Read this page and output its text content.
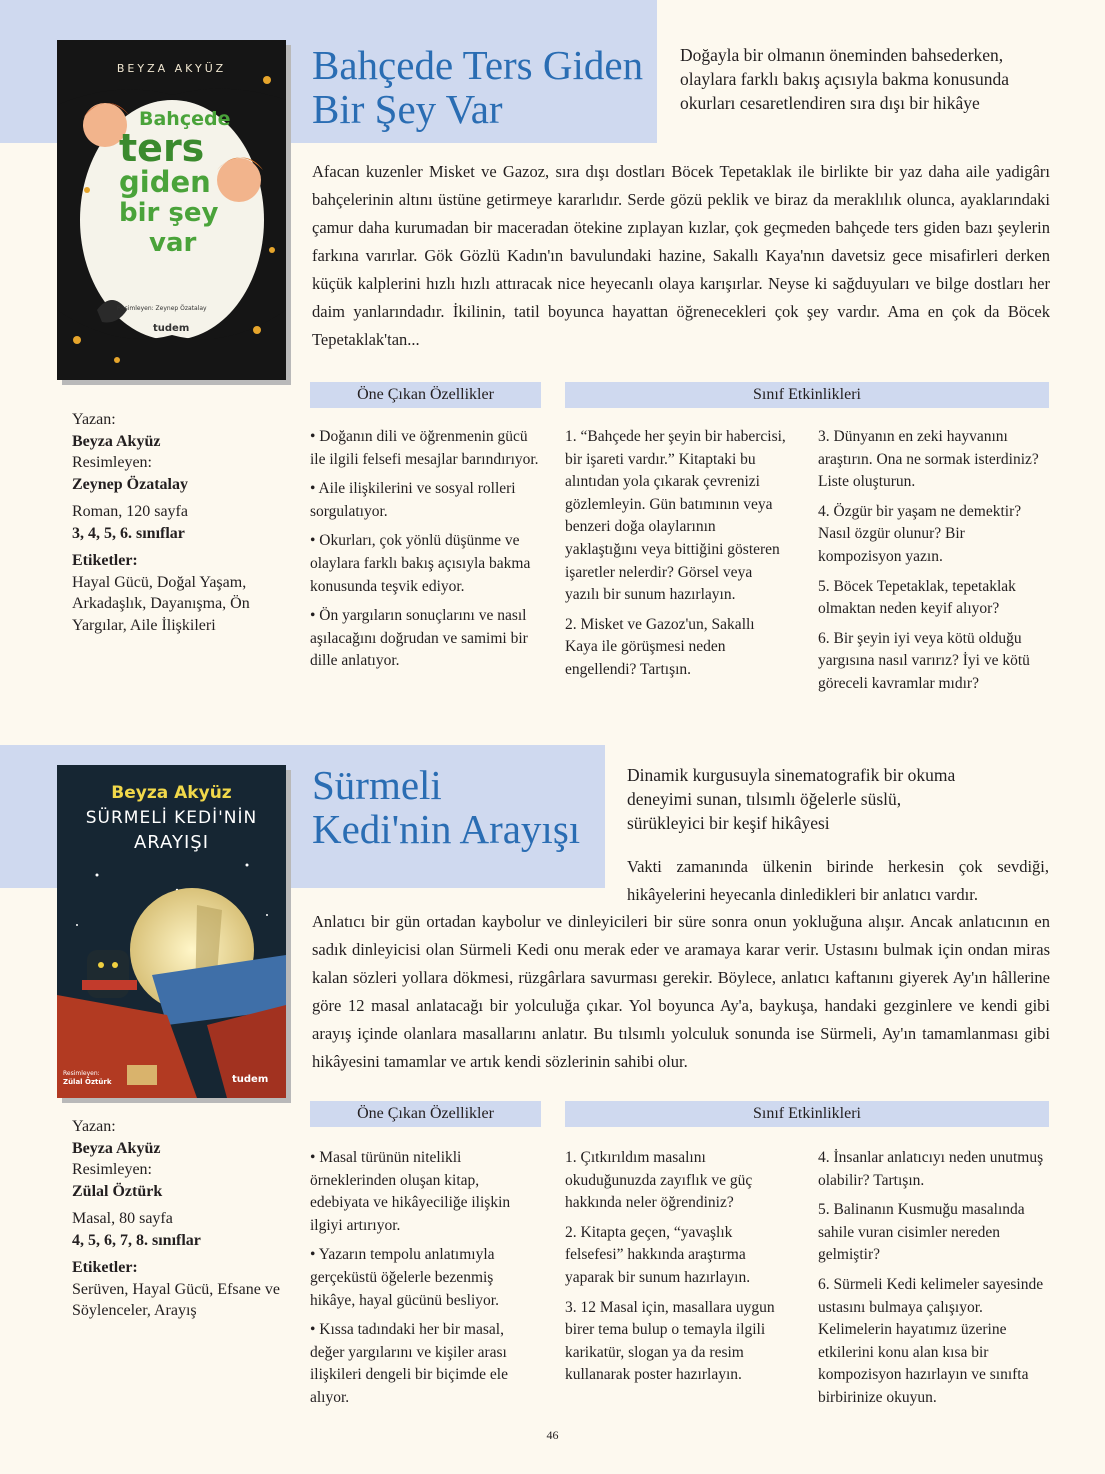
BEYZA AKYÜZ
Bahçede
ters
giden
bir şey
var
Resimleyen: Zeynep Özatalay
tudem
Bahçede Ters Giden
Bir Şey Var
Doğayla bir olmanın öneminden bahsederken, olaylara farklı bakış açısıyla bakma konusunda okurları cesaretlendiren sıra dışı bir hikâye
Afacan kuzenler Misket ve Gazoz, sıra dışı dostları Böcek Tepetaklak ile birlikte bir yaz daha aile yadigârı bahçelerinin altını üstüne getirmeye kararlıdır. Serde gözü peklik ve biraz da meraklılık olunca, ayaklarındaki çamur daha kurumadan bir maceradan ötekine zıplayan kızlar, çok geçmeden bahçede ters giden bazı şeylerin farkına varırlar. Gök Gözlü Kadın'ın bavulundaki hazine, Sakallı Kaya'nın davetsiz gece misafirleri derken küçük kalplerini hızlı hızlı attıracak nice heyecanlı olaya karışırlar. Neyse ki sağduyuları ve bilge dostları her daim yanlarındadır. İkilinin, tatil boyunca hayattan öğrenecekleri çok şey vardır. Ama en çok da Böcek Tepetaklak'tan...
Yazan:
Beyza Akyüz
Resimleyen:
Zeynep Özatalay
Roman, 120 sayfa
3, 4, 5, 6. sınıflar
Etiketler:
Hayal Gücü, Doğal Yaşam, Arkadaşlık, Dayanışma, Ön Yargılar, Aile İlişkileri
Öne Çıkan Özellikler	Sınıf Etkinlikleri

• Doğanın dili ve öğrenmenin gücü ile ilgili felsefi mesajlar barındırıyor.

• Aile ilişkilerini ve sosyal rolleri sorgulatıyor.

• Okurları, çok yönlü düşünme ve olaylara farklı bakış açısıyla bakma konusunda teşvik ediyor.

• Ön yargıların sonuçlarını ve nasıl aşılacağını doğrudan ve samimi bir dille anlatıyor.

1. “Bahçede her şeyin bir habercisi, bir işareti vardır.” Kitaptaki bu alıntıdan yola çıkarak çevrenizi gözlemleyin. Gün batımının veya benzeri doğa olaylarının yaklaştığını veya bittiğini gösteren işaretler nelerdir? Görsel veya yazılı bir sunum hazırlayın.

2. Misket ve Gazoz'un, Sakallı Kaya ile görüşmesi neden engellendi? Tartışın.

3. Dünyanın en zeki hayvanını araştırın. Ona ne sormak isterdiniz? Liste oluşturun.

4. Özgür bir yaşam ne demektir? Nasıl özgür olunur? Bir kompozisyon yazın.

5. Böcek Tepetaklak, tepetaklak olmaktan neden keyif alıyor?

6. Bir şeyin iyi veya kötü olduğu yargısına nasıl varırız? İyi ve kötü göreceli kavramlar mıdır?

Beyza Akyüz
SÜRMELİ KEDİ'NİN
ARAYIŞI
Resimleyen:
Zülal Öztürk	tudem
Sürmeli
Kedi'nin Arayışı
Dinamik kurgusuyla sinematografik bir okuma deneyimi sunan, tılsımlı öğelerle süslü, sürükleyici bir keşif hikâyesi
Vakti zamanında ülkenin birinde herkesin çok sevdiği, hikâyelerini heyecanla dinledikleri bir anlatıcı vardır.
Anlatıcı bir gün ortadan kaybolur ve dinleyicileri bir süre sonra onun yokluğuna alışır. Ancak anlatıcının en sadık dinleyicisi olan Sürmeli Kedi onu merak eder ve aramaya karar verir. Ustasını bulmak için ondan miras kalan sözleri yollara dökmesi, rüzgârlara savurması gerekir. Böylece, anlatıcı kaftanını giyerek Ay'ın hâllerine göre 12 masal anlatacağı bir yolculuğa çıkar. Yol boyunca Ay'a, baykuşa, handaki gezginlere ve kendi gibi arayış içinde olanlara masallarını anlatır. Bu tılsımlı yolculuk sonunda ise Sürmeli, Ay'ın tamamlanması gibi hikâyesini tamamlar ve artık kendi sözlerinin sahibi olur.
Yazan:
Beyza Akyüz
Resimleyen:
Zülal Öztürk
Masal, 80 sayfa
4, 5, 6, 7, 8. sınıflar
Etiketler:
Serüven, Hayal Gücü, Efsane ve Söylenceler, Arayış
Öne Çıkan Özellikler	Sınıf Etkinlikleri

• Masal türünün nitelikli örneklerinden oluşan kitap, edebiyata ve hikâyeciliğe ilişkin ilgiyi artırıyor.

• Yazarın tempolu anlatımıyla gerçeküstü öğelerle bezenmiş hikâye, hayal gücünü besliyor.

• Kıssa tadındaki her bir masal, değer yargılarını ve kişiler arası ilişkileri dengeli bir biçimde ele alıyor.

1. Çıtkırıldım masalını okuduğunuzda zayıflık ve güç hakkında neler öğrendiniz?

2. Kitapta geçen, “yavaşlık felsefesi” hakkında araştırma yaparak bir sunum hazırlayın.

3. 12 Masal için, masallara uygun birer tema bulup o temayla ilgili karikatür, slogan ya da resim kullanarak poster hazırlayın.

4. İnsanlar anlatıcıyı neden unutmuş olabilir? Tartışın.

5. Balinanın Kusmuğu masalında sahile vuran cisimler nereden gelmiştir?

6. Sürmeli Kedi kelimeler sayesinde ustasını bulmaya çalışıyor. Kelimelerin hayatımız üzerine etkilerini konu alan kısa bir kompozisyon hazırlayın ve sınıfta birbirinize okuyun.

46
